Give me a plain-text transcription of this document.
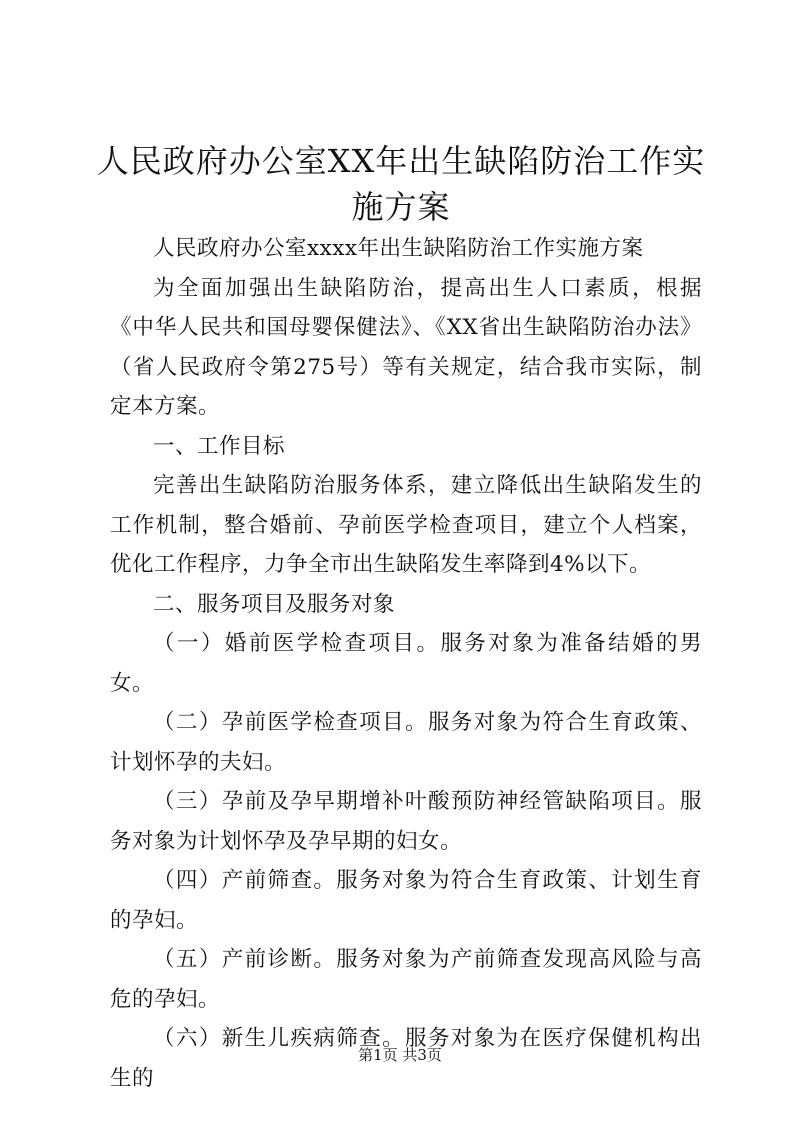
人民政府办公室XX年出生缺陷防治工作实施方案

人民政府办公室xxxx年出生缺陷防治工作实施方案

为全面加强出生缺陷防治，提高出生人口素质，根据《中华人民共和国母婴保健法》、《XX省出生缺陷防治办法》（省人民政府令第275号）等有关规定，结合我市实际，制定本方案。

一、工作目标

完善出生缺陷防治服务体系，建立降低出生缺陷发生的工作机制，整合婚前、孕前医学检查项目，建立个人档案，优化工作程序，力争全市出生缺陷发生率降到4%以下。

二、服务项目及服务对象

（一）婚前医学检查项目。服务对象为准备结婚的男女。

（二）孕前医学检查项目。服务对象为符合生育政策、计划怀孕的夫妇。

（三）孕前及孕早期增补叶酸预防神经管缺陷项目。服务对象为计划怀孕及孕早期的妇女。

（四）产前筛查。服务对象为符合生育政策、计划生育的孕妇。

（五）产前诊断。服务对象为产前筛查发现高风险与高危的孕妇。

（六）新生儿疾病筛查。服务对象为在医疗保健机构出生的

第1页 共3页
